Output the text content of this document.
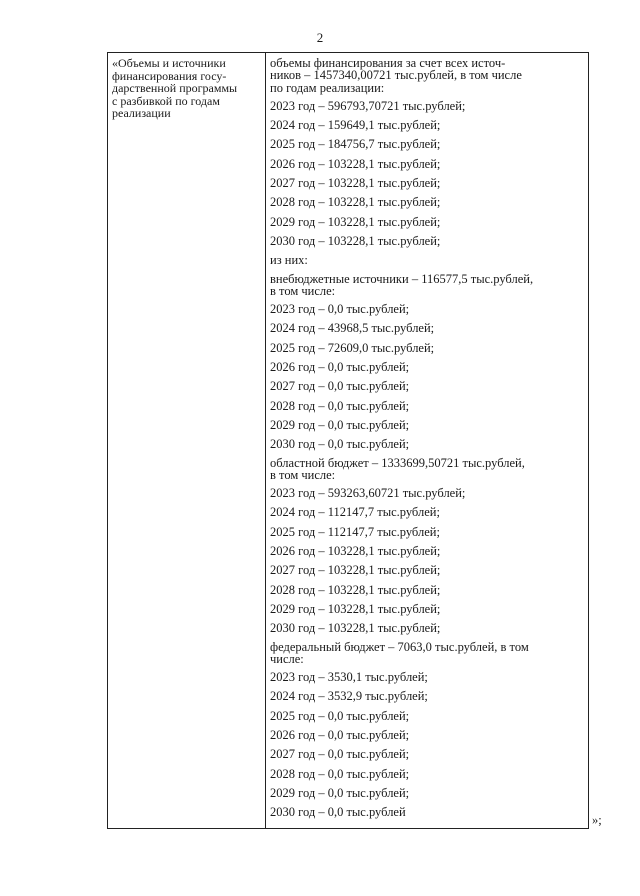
2
«Объемы и источники
финансирования госу-
дарственной программы
с разбивкой по годам
реализации
объемы финансирования за счет всех источ-
ников – 1457340,00721 тыс.рублей, в том числе
по годам реализации:
2023 год – 596793,70721 тыс.рублей;
2024 год – 159649,1 тыс.рублей;
2025 год – 184756,7 тыс.рублей;
2026 год – 103228,1 тыс.рублей;
2027 год – 103228,1 тыс.рублей;
2028 год – 103228,1 тыс.рублей;
2029 год – 103228,1 тыс.рублей;
2030 год – 103228,1 тыс.рублей;
из них:
внебюджетные источники – 116577,5 тыс.рублей,
в том числе:
2023 год – 0,0 тыс.рублей;
2024 год – 43968,5 тыс.рублей;
2025 год – 72609,0 тыс.рублей;
2026 год – 0,0 тыс.рублей;
2027 год – 0,0 тыс.рублей;
2028 год – 0,0 тыс.рублей;
2029 год – 0,0 тыс.рублей;
2030 год – 0,0 тыс.рублей;
областной бюджет – 1333699,50721 тыс.рублей,
в том числе:
2023 год – 593263,60721 тыс.рублей;
2024 год – 112147,7 тыс.рублей;
2025 год – 112147,7 тыс.рублей;
2026 год – 103228,1 тыс.рублей;
2027 год – 103228,1 тыс.рублей;
2028 год – 103228,1 тыс.рублей;
2029 год – 103228,1 тыс.рублей;
2030 год – 103228,1 тыс.рублей;
федеральный бюджет – 7063,0 тыс.рублей, в том
числе:
2023 год – 3530,1 тыс.рублей;
2024 год – 3532,9 тыс.рублей;
2025 год – 0,0 тыс.рублей;
2026 год – 0,0 тыс.рублей;
2027 год – 0,0 тыс.рублей;
2028 год – 0,0 тыс.рублей;
2029 год – 0,0 тыс.рублей;
2030 год – 0,0 тыс.рублей
»;
